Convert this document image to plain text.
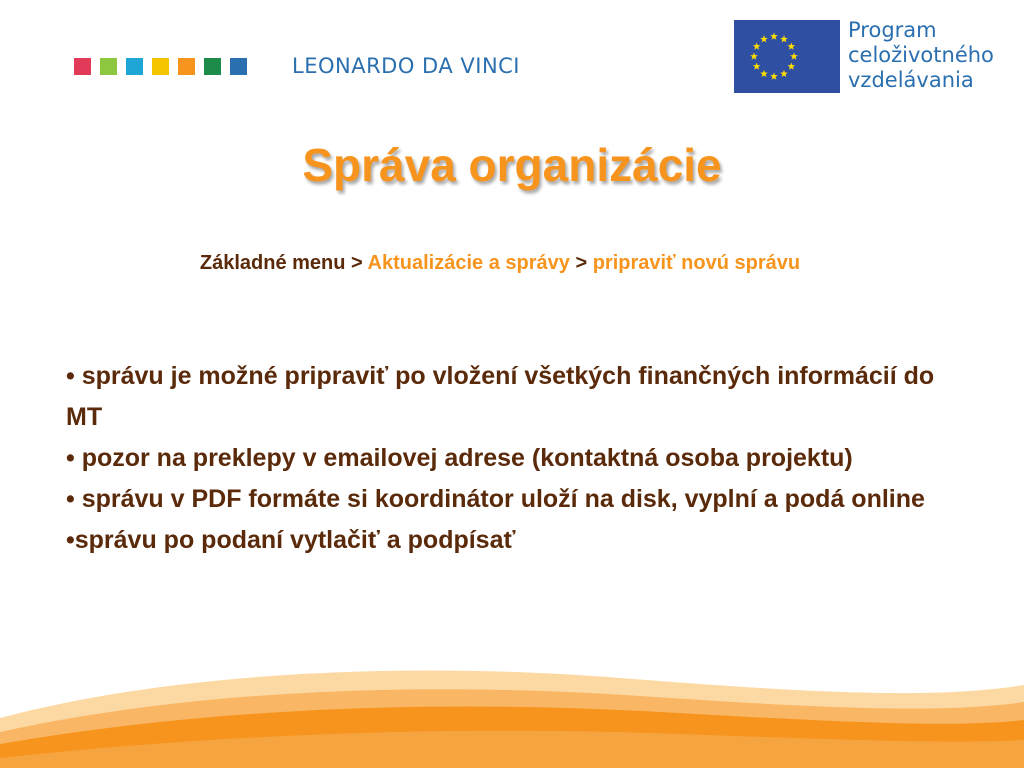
LEONARDO DA VINCI
Program
celoživotného
vzdelávania
Správa organizácie
Základné menu > Aktualizácie a správy > pripraviť novú správu

• správu je možné pripraviť po vložení všetkých finančných informácií do MT

• pozor na preklepy v emailovej adrese (kontaktná osoba projektu)

• správu v PDF formáte si koordinátor uloží na disk, vyplní a podá online

•správu po podaní vytlačiť a podpísať
